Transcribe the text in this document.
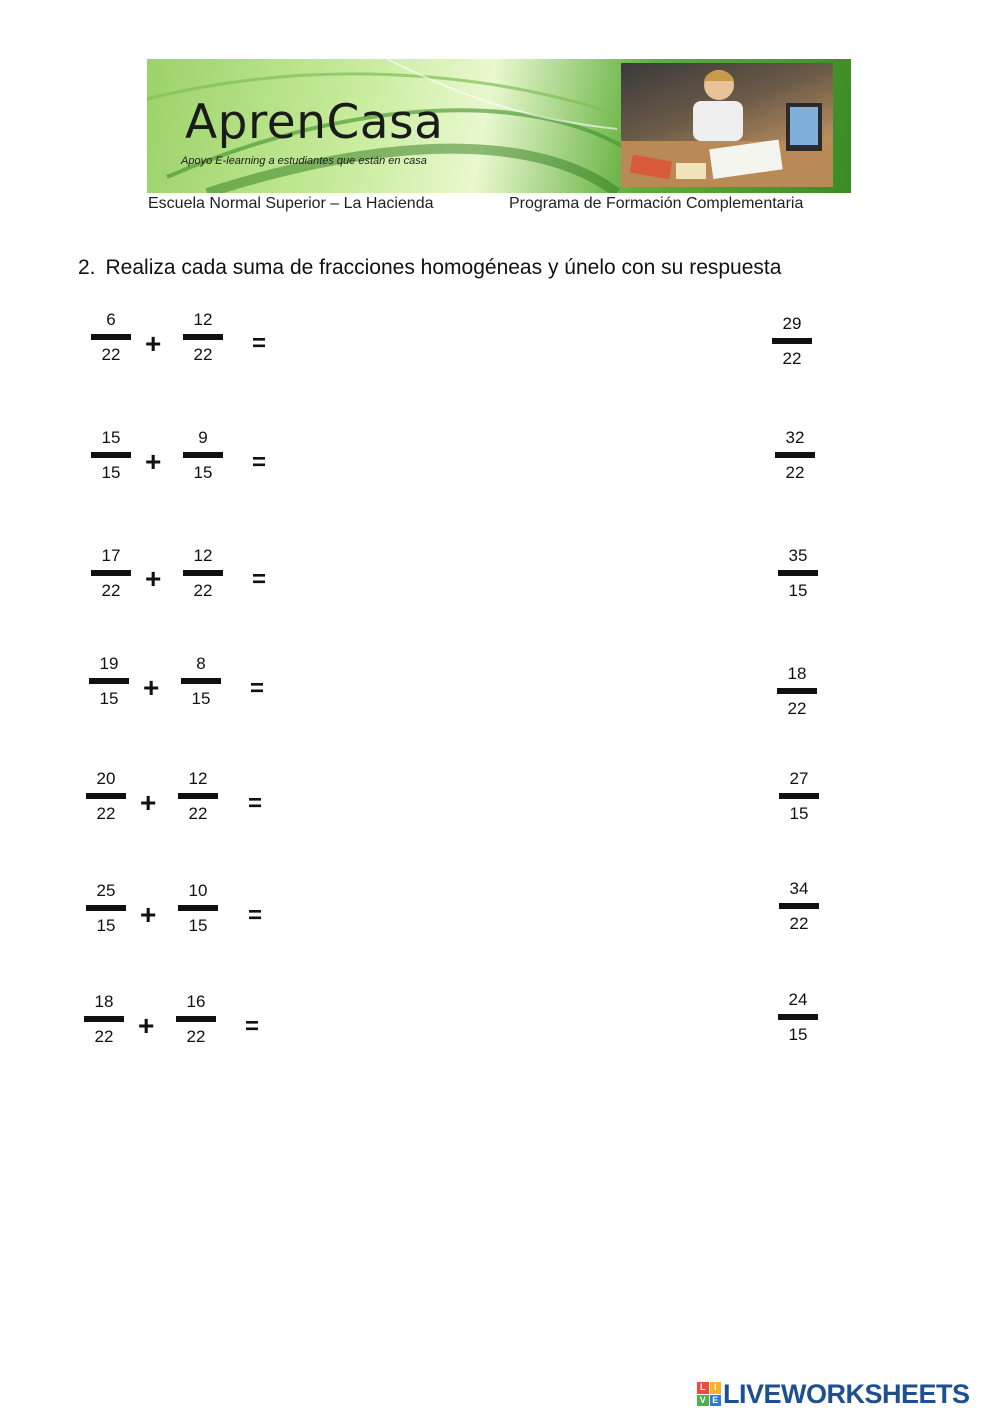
AprenCasa
Apoyo E-learning a estudiantes que están en casa
Escuela Normal Superior – La Hacienda	Programa de Formación Complementaria
2. Realiza cada suma de fracciones homogéneas y únelo con su respuesta
6
22 +
12
22	=
29
22
15
15 +
9
15	=
32
22
17
22 +
12
22	=
35
15
19
15 +
8
15	=
18
22
20
22 +
12
22	=
27
15
25
15 +
10
15	=
34
22
18
22 +
16
22	=
24
15
L I
V E LIVEWORKSHEETS
